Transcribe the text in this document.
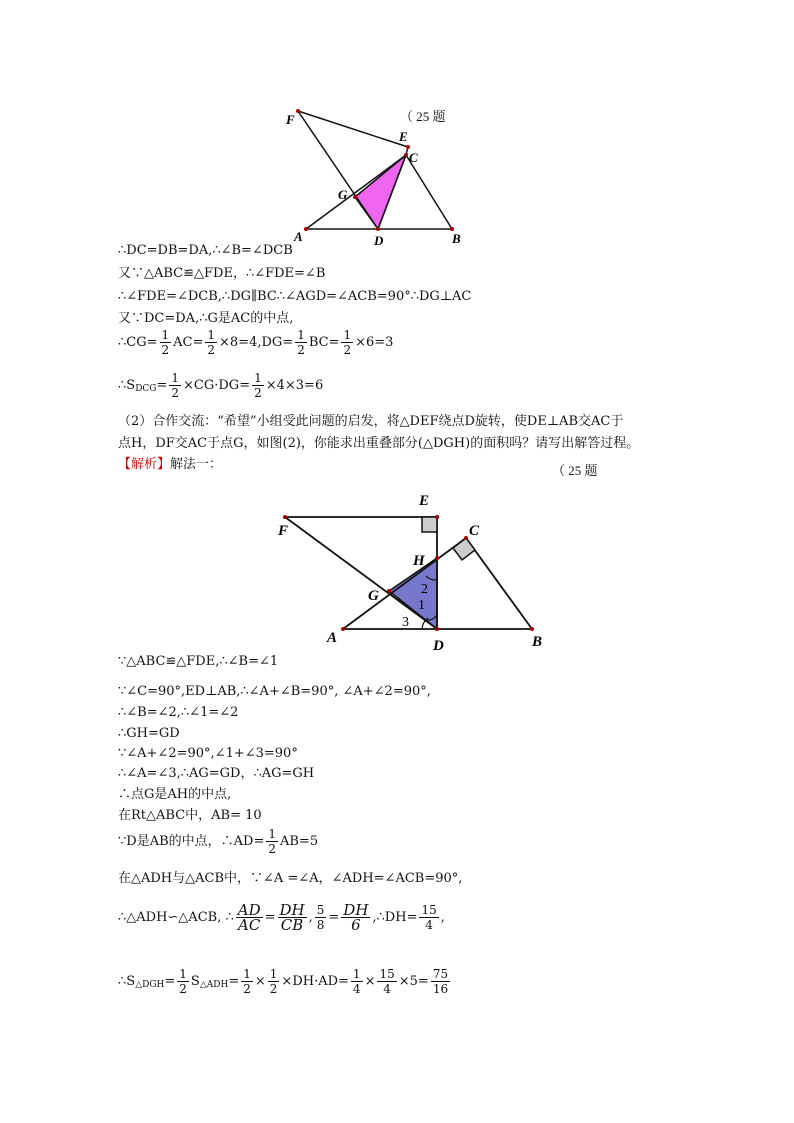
F
E
C
G
A	D	B
（ 25 题
∴DC=DB=DA,∴∠B=∠DCB
又∵△ABC≌△FDE，∴∠FDE=∠B
∴∠FDE=∠DCB,∴DG∥BC∴∠AGD=∠ACB=90°∴DG⊥AC
又∵DC=DA,∴G是AC的中点,
∴CG= $\frac{1}{2} AC= \frac{1}{2} \times 8=4,DG= \frac{1}{2} BC= \frac{1}{2} \times 6=3$
$\therefore S_{DCG}= \frac{1}{2} \times CG\cdot DG= \frac{1}{2} \times 4\times 3=6$
（2）合作交流：“希望”小组受此问题的启发，将△DEF绕点D旋转，使DE⊥AB交AC于
点H，DF交AC于点G，如图(2)，你能求出重叠部分(△DGH)的面积吗？请写出解答过程。
【解析】解法一：	（ 25 题
E
F	C
H
G
A	D	B
1
2
3
∵△ABC≌△FDE,∴∠B=∠1
∵∠C=90°,ED⊥AB,∴∠A+∠B=90°, ∠A+∠2=90°,
∴∠B=∠2,∴∠1=∠2
∴GH=GD
∵∠A+∠2=90°,∠1+∠3=90°
∴∠A=∠3,∴AG=GD，∴AG=GH
∴点G是AH的中点,
在Rt△ABC中，AB= 10
∵D是AB的中点，∴AD= $\frac{1}{2} AB=5$
在△ADH与△ACB中，∵∠A =∠A，∠ADH=∠ACB=90°,
∴△ADH∽△ACB, ∴ $\frac{AD}{AC} = \frac{DH}{CB}$ , $\frac{5}{8} = \frac{DH}{6}$ ,∴DH= $\frac{15}{4}$ ,
$\therefore S_{\triangle DGH}= \frac{1}{2} S_{\triangle ADH}= \frac{1}{2} \times \frac{1}{2} \times DH\cdot AD= \frac{1}{4} \times \frac{15}{4} \times 5= \frac{75}{16}$
